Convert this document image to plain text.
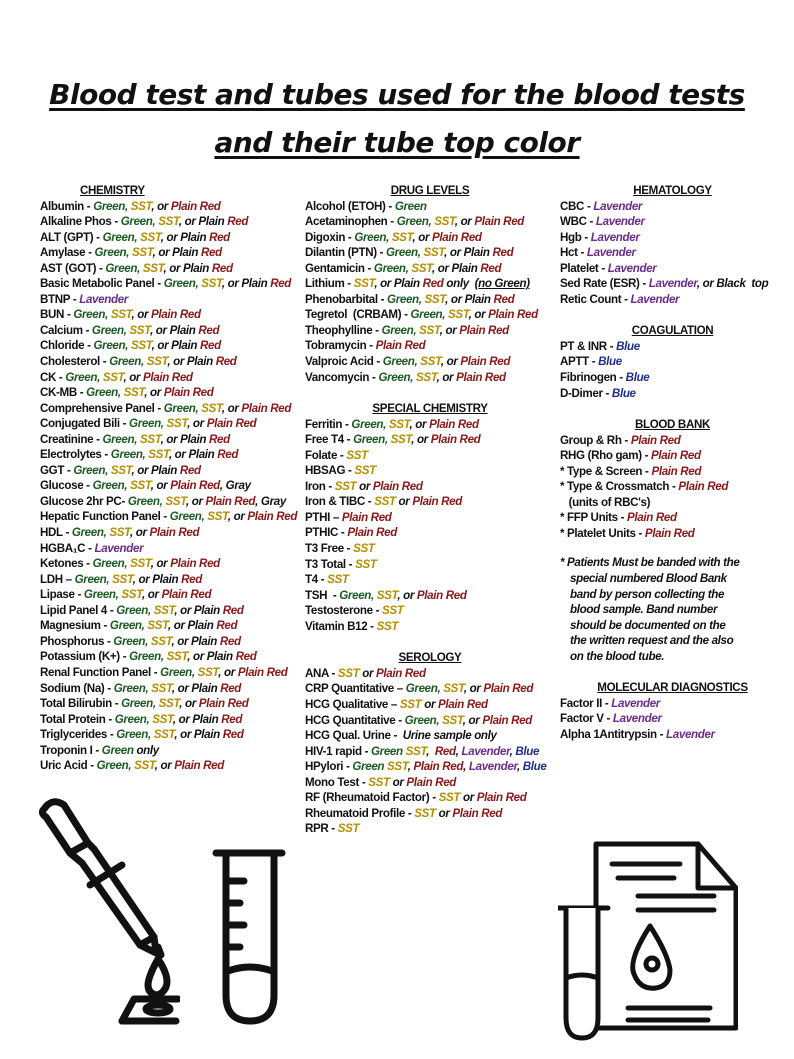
Blood test and tubes used for the blood tests
and their tube top color
CHEMISTRY
Albumin - Green, SST, or Plain Red
Alkaline Phos - Green, SST, or Plain Red
ALT (GPT) - Green, SST, or Plain Red
Amylase - Green, SST, or Plain Red
AST (GOT) - Green, SST, or Plain Red
Basic Metabolic Panel - Green, SST, or Plain Red
BTNP - Lavender
BUN - Green, SST, or Plain Red
Calcium - Green, SST, or Plain Red
Chloride - Green, SST, or Plain Red
Cholesterol - Green, SST, or Plain Red
CK - Green, SST, or Plain Red
CK-MB - Green, SST, or Plain Red
Comprehensive Panel - Green, SST, or Plain Red
Conjugated Bili - Green, SST, or Plain Red
Creatinine - Green, SST, or Plain Red
Electrolytes - Green, SST, or Plain Red
GGT - Green, SST, or Plain Red
Glucose - Green, SST, or Plain Red, Gray
Glucose 2hr PC- Green, SST, or Plain Red, Gray
Hepatic Function Panel - Green, SST, or Plain Red
HDL - Green, SST, or Plain Red
HGBA₁C - Lavender
Ketones - Green, SST, or Plain Red
LDH – Green, SST, or Plain Red
Lipase - Green, SST, or Plain Red
Lipid Panel 4 - Green, SST, or Plain Red
Magnesium - Green, SST, or Plain Red
Phosphorus - Green, SST, or Plain Red
Potassium (K+) - Green, SST, or Plain Red
Renal Function Panel - Green, SST, or Plain Red
Sodium (Na) - Green, SST, or Plain Red
Total Bilirubin - Green, SST, or Plain Red
Total Protein - Green, SST, or Plain Red
Triglycerides - Green, SST, or Plain Red
Troponin I - Green only
Uric Acid - Green, SST, or Plain Red
DRUG LEVELS
Alcohol (ETOH) - Green
Acetaminophen - Green, SST, or Plain Red
Digoxin - Green, SST, or Plain Red
Dilantin (PTN) - Green, SST, or Plain Red
Gentamicin - Green, SST, or Plain Red
Lithium - SST, or Plain Red only  (no Green)
Phenobarbital - Green, SST, or Plain Red
Tegretol  (CRBAM) - Green, SST, or Plain Red
Theophylline - Green, SST, or Plain Red
Tobramycin - Plain Red
Valproic Acid - Green, SST, or Plain Red
Vancomycin - Green, SST, or Plain Red
SPECIAL CHEMISTRY
Ferritin - Green, SST, or Plain Red
Free T4 - Green, SST, or Plain Red
Folate - SST
HBSAG - SST
Iron - SST or Plain Red
Iron & TIBC - SST or Plain Red
PTHI – Plain Red
PTHIC - Plain Red
T3 Free - SST
T3 Total - SST
T4 - SST
TSH  - Green, SST, or Plain Red
Testosterone - SST
Vitamin B12 - SST
SEROLOGY
ANA - SST or Plain Red
CRP Quantitative – Green, SST, or Plain Red
HCG Qualitative – SST or Plain Red
HCG Quantitative - Green, SST, or Plain Red
HCG Qual. Urine -  Urine sample only
HIV-1 rapid - Green SST,  Red, Lavender, Blue
HPylori - Green SST, Plain Red, Lavender, Blue
Mono Test - SST or Plain Red
RF (Rheumatoid Factor) - SST or Plain Red
Rheumatoid Profile - SST or Plain Red
RPR - SST
HEMATOLOGY
CBC - Lavender
WBC - Lavender
Hgb - Lavender
Hct - Lavender
Platelet - Lavender
Sed Rate (ESR) - Lavender, or Black  top
Retic Count - Lavender
COAGULATION
PT & INR - Blue
APTT - Blue
Fibrinogen - Blue
D-Dimer - Blue
BLOOD BANK
Group & Rh - Plain Red
RHG (Rho gam) - Plain Red
* Type & Screen - Plain Red
* Type & Crossmatch - Plain Red
(units of RBC's)
* FFP Units - Plain Red
* Platelet Units - Plain Red
* Patients Must be banded with the
special numbered Blood Bank
band by person collecting the
blood sample. Band number
should be documented on the
the written request and the also
on the blood tube.
MOLECULAR DIAGNOSTICS
Factor II - Lavender
Factor V - Lavender
Alpha 1Antitrypsin - Lavender
